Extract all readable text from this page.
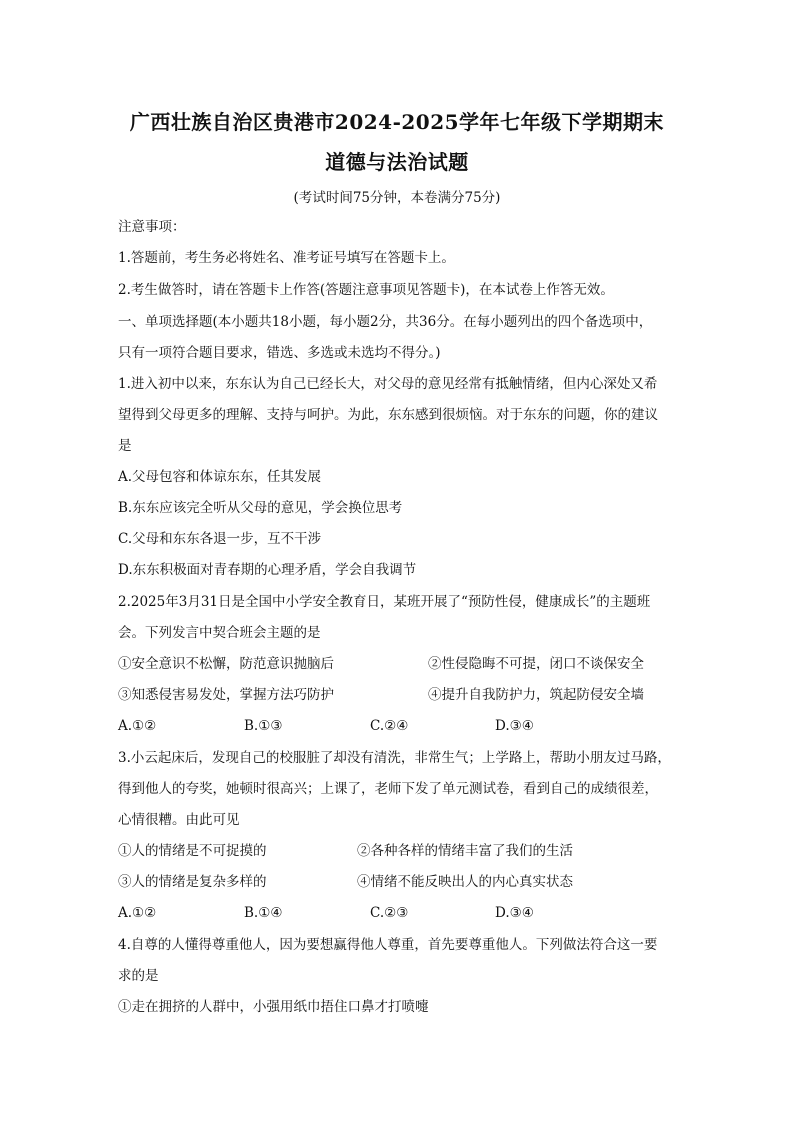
广西壮族自治区贵港市2024-2025学年七年级下学期期末
道德与法治试题
(考试时间75分钟，本卷满分75分)
注意事项：
1.答题前，考生务必将姓名、准考证号填写在答题卡上。
2.考生做答时，请在答题卡上作答(答题注意事项见答题卡)，在本试卷上作答无效。
一、单项选择题(本小题共18小题，每小题2分，共36分。在每小题列出的四个备选项中，
只有一项符合题目要求，错选、多选或未选均不得分。)
1.进入初中以来，东东认为自己已经长大，对父母的意见经常有抵触情绪，但内心深处又希
望得到父母更多的理解、支持与呵护。为此，东东感到很烦恼。对于东东的问题，你的建议
是
A.父母包容和体谅东东，任其发展
B.东东应该完全听从父母的意见，学会换位思考
C.父母和东东各退一步，互不干涉
D.东东积极面对青春期的心理矛盾，学会自我调节
2.2025年3月31日是全国中小学安全教育日，某班开展了“预防性侵，健康成长”的主题班
会。下列发言中契合班会主题的是
①安全意识不松懈，防范意识抛脑后	②性侵隐晦不可提，闭口不谈保安全
③知悉侵害易发处，掌握方法巧防护	④提升自我防护力，筑起防侵安全墙
A.①②	B.①③	C.②④	D.③④
3.小云起床后，发现自己的校服脏了却没有清洗，非常生气；上学路上，帮助小朋友过马路，
得到他人的夸奖，她顿时很高兴；上课了，老师下发了单元测试卷，看到自己的成绩很差，
心情很糟。由此可见
①人的情绪是不可捉摸的	②各种各样的情绪丰富了我们的生活
③人的情绪是复杂多样的	④情绪不能反映出人的内心真实状态
A.①②	B.①④	C.②③	D.③④
4.自尊的人懂得尊重他人，因为要想赢得他人尊重，首先要尊重他人。下列做法符合这一要
求的是
①走在拥挤的人群中，小强用纸巾捂住口鼻才打喷嚏
